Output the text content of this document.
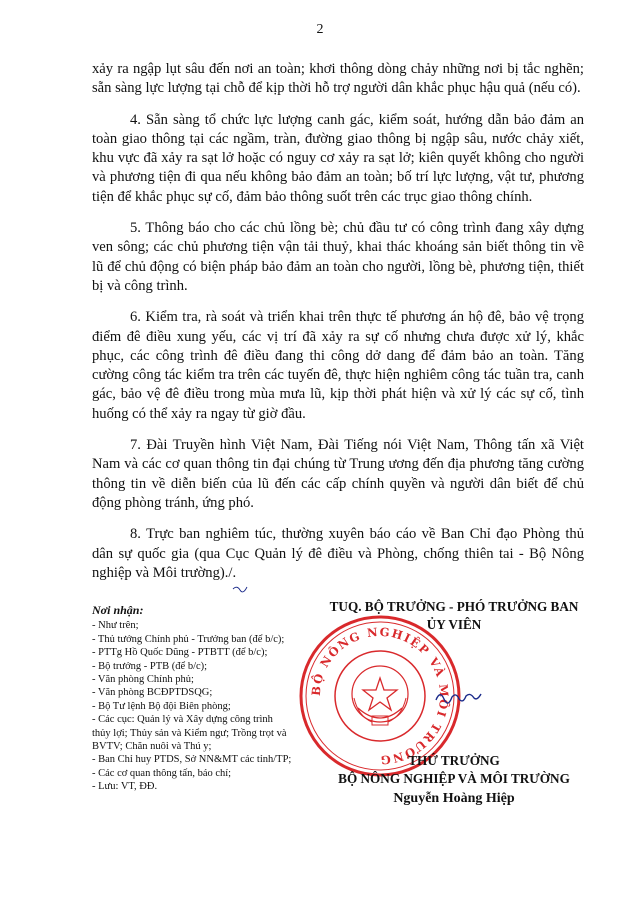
2

xảy ra ngập lụt sâu đến nơi an toàn; khơi thông dòng chảy những nơi bị tắc nghẽn; sẵn sàng lực lượng tại chỗ để kịp thời hỗ trợ người dân khắc phục hậu quả (nếu có).

4. Sẵn sàng tổ chức lực lượng canh gác, kiểm soát, hướng dẫn bảo đảm an toàn giao thông tại các ngầm, tràn, đường giao thông bị ngập sâu, nước chảy xiết, khu vực đã xảy ra sạt lở hoặc có nguy cơ xảy ra sạt lở; kiên quyết không cho người và phương tiện đi qua nếu không bảo đảm an toàn; bố trí lực lượng, vật tư, phương tiện để khắc phục sự cố, đảm bảo thông suốt trên các trục giao thông chính.

5. Thông báo cho các chủ lồng bè; chủ đầu tư có công trình đang xây dựng ven sông; các chủ phương tiện vận tải thuỷ, khai thác khoáng sản biết thông tin về lũ để chủ động có biện pháp bảo đảm an toàn cho người, lồng bè, phương tiện, thiết bị và công trình.

6. Kiểm tra, rà soát và triển khai trên thực tế phương án hộ đê, bảo vệ trọng điểm đê điều xung yếu, các vị trí đã xảy ra sự cố nhưng chưa được xử lý, khắc phục, các công trình đê điều đang thi công dở dang để đảm bảo an toàn. Tăng cường công tác kiểm tra trên các tuyến đê, thực hiện nghiêm công tác tuần tra, canh gác, bảo vệ đê điều trong mùa mưa lũ, kịp thời phát hiện và xử lý các sự cố, tình huống có thể xảy ra ngay từ giờ đầu.

7. Đài Truyền hình Việt Nam, Đài Tiếng nói Việt Nam, Thông tấn xã Việt Nam và các cơ quan thông tin đại chúng từ Trung ương đến địa phương tăng cường thông tin về diễn biến của lũ đến các cấp chính quyền và người dân biết để chủ động phòng tránh, ứng phó.

8. Trực ban nghiêm túc, thường xuyên báo cáo về Ban Chỉ đạo Phòng thủ dân sự quốc gia (qua Cục Quản lý đê điều và Phòng, chống thiên tai - Bộ Nông nghiệp và Môi trường)./.

Nơi nhận:
- Như trên;
- Thủ tướng Chính phủ - Trưởng ban (để b/c);
- PTTg Hồ Quốc Dũng - PTBTT (để b/c);
- Bộ trưởng - PTB (để b/c);
- Văn phòng Chính phủ;
- Văn phòng BCĐPTDSQG;
- Bộ Tư lệnh Bộ đội Biên phòng;
- Các cục: Quản lý và Xây dựng công trình
thủy lợi; Thủy sản và Kiểm ngư; Trồng trọt và
BVTV; Chăn nuôi và Thú y;
- Ban Chỉ huy PTDS, Sở NN&MT các tỉnh/TP;
- Các cơ quan thông tấn, báo chí;
- Lưu: VT, ĐĐ.
TUQ. BỘ TRƯỞNG - PHÓ TRƯỞNG BAN
ỦY VIÊN
BỘ NÔNG NGHIỆP VÀ MÔI TRƯỜNG	THỨ TRƯỞNG
BỘ NÔNG NGHIỆP VÀ MÔI TRƯỜNG
Nguyễn Hoàng Hiệp
